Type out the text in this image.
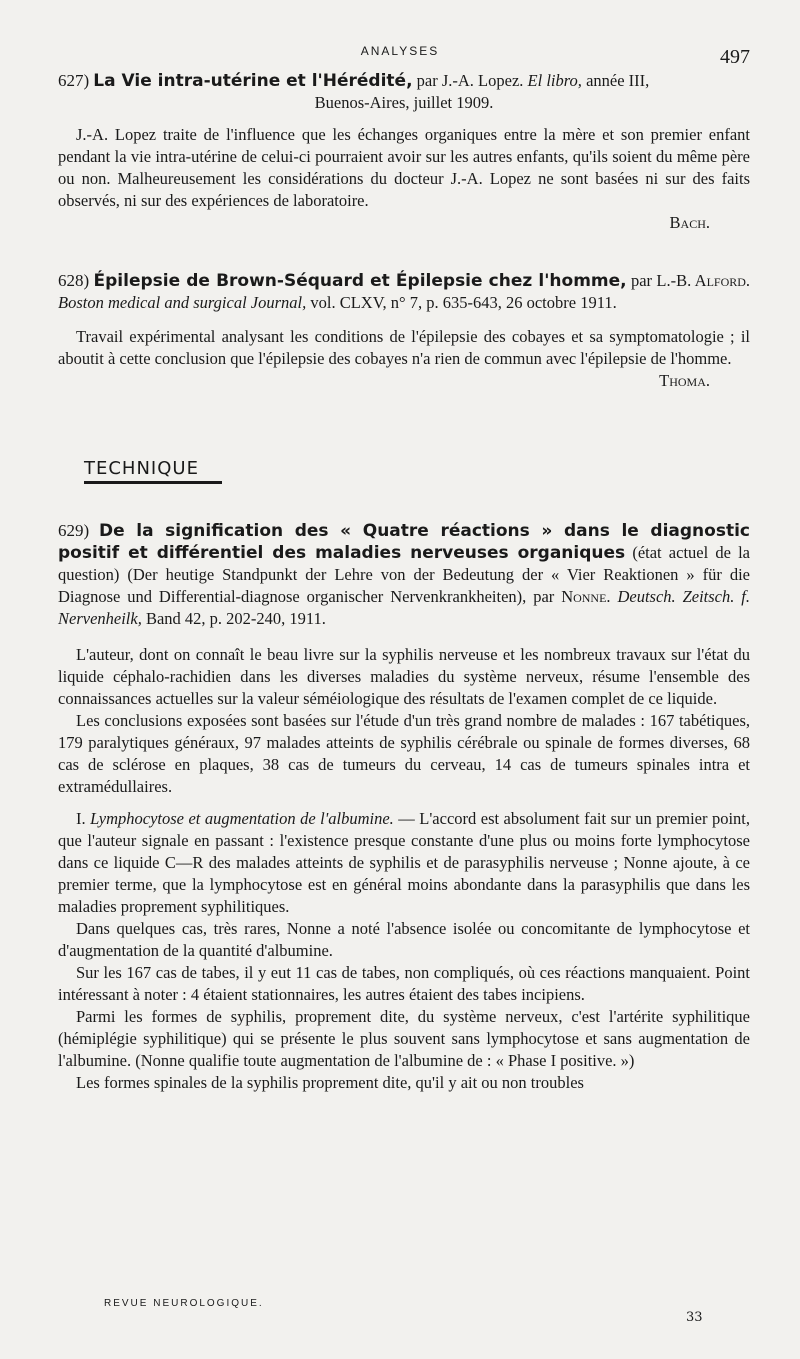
ANALYSES	497
627) La Vie intra-utérine et l'Hérédité, par J.-A. Lopez. El libro, année III,
Buenos-Aires, juillet 1909.

J.-A. Lopez traite de l'influence que les échanges organiques entre la mère et son premier enfant pendant la vie intra-utérine de celui-ci pourraient avoir sur les autres enfants, qu'ils soient du même père ou non. Malheureusement les considérations du docteur J.-A. Lopez ne sont basées ni sur des faits observés, ni sur des expériences de laboratoire.

Bach.
628) Épilepsie de Brown-Séquard et Épilepsie chez l'homme, par L.-B. Alford. Boston medical and surgical Journal, vol. CLXV, n° 7, p. 635-643, 26 octobre 1911.

Travail expérimental analysant les conditions de l'épilepsie des cobayes et sa symptomatologie ; il aboutit à cette conclusion que l'épilepsie des cobayes n'a rien de commun avec l'épilepsie de l'homme.

Thoma.
TECHNIQUE
629) De la signification des « Quatre réactions » dans le diagnostic positif et différentiel des maladies nerveuses organiques (état actuel de la question) (Der heutige Standpunkt der Lehre von der Bedeutung der « Vier Reaktionen » für die Diagnose und Differential-diagnose organischer Nervenkrankheiten), par Nonne. Deutsch. Zeitsch. f. Nervenheilk, Band 42, p. 202-240, 1911.

L'auteur, dont on connaît le beau livre sur la syphilis nerveuse et les nombreux travaux sur l'état du liquide céphalo-rachidien dans les diverses maladies du système nerveux, résume l'ensemble des connaissances actuelles sur la valeur séméiologique des résultats de l'examen complet de ce liquide.

Les conclusions exposées sont basées sur l'étude d'un très grand nombre de malades : 167 tabétiques, 179 paralytiques généraux, 97 malades atteints de syphilis cérébrale ou spinale de formes diverses, 68 cas de sclérose en plaques, 38 cas de tumeurs du cerveau, 14 cas de tumeurs spinales intra et extramédullaires.

I. Lymphocytose et augmentation de l'albumine. — L'accord est absolument fait sur un premier point, que l'auteur signale en passant : l'existence presque constante d'une plus ou moins forte lymphocytose dans ce liquide C—R des malades atteints de syphilis et de parasyphilis nerveuse ; Nonne ajoute, à ce premier terme, que la lymphocytose est en général moins abondante dans la parasyphilis que dans les maladies proprement syphilitiques.

Dans quelques cas, très rares, Nonne a noté l'absence isolée ou concomitante de lymphocytose et d'augmentation de la quantité d'albumine.

Sur les 167 cas de tabes, il y eut 11 cas de tabes, non compliqués, où ces réactions manquaient. Point intéressant à noter : 4 étaient stationnaires, les autres étaient des tabes incipiens.

Parmi les formes de syphilis, proprement dite, du système nerveux, c'est l'artérite syphilitique (hémiplégie syphilitique) qui se présente le plus souvent sans lymphocytose et sans augmentation de l'albumine. (Nonne qualifie toute augmentation de l'albumine de : « Phase I positive. »)

Les formes spinales de la syphilis proprement dite, qu'il y ait ou non troubles

REVUE NEUROLOGIQUE.
33
